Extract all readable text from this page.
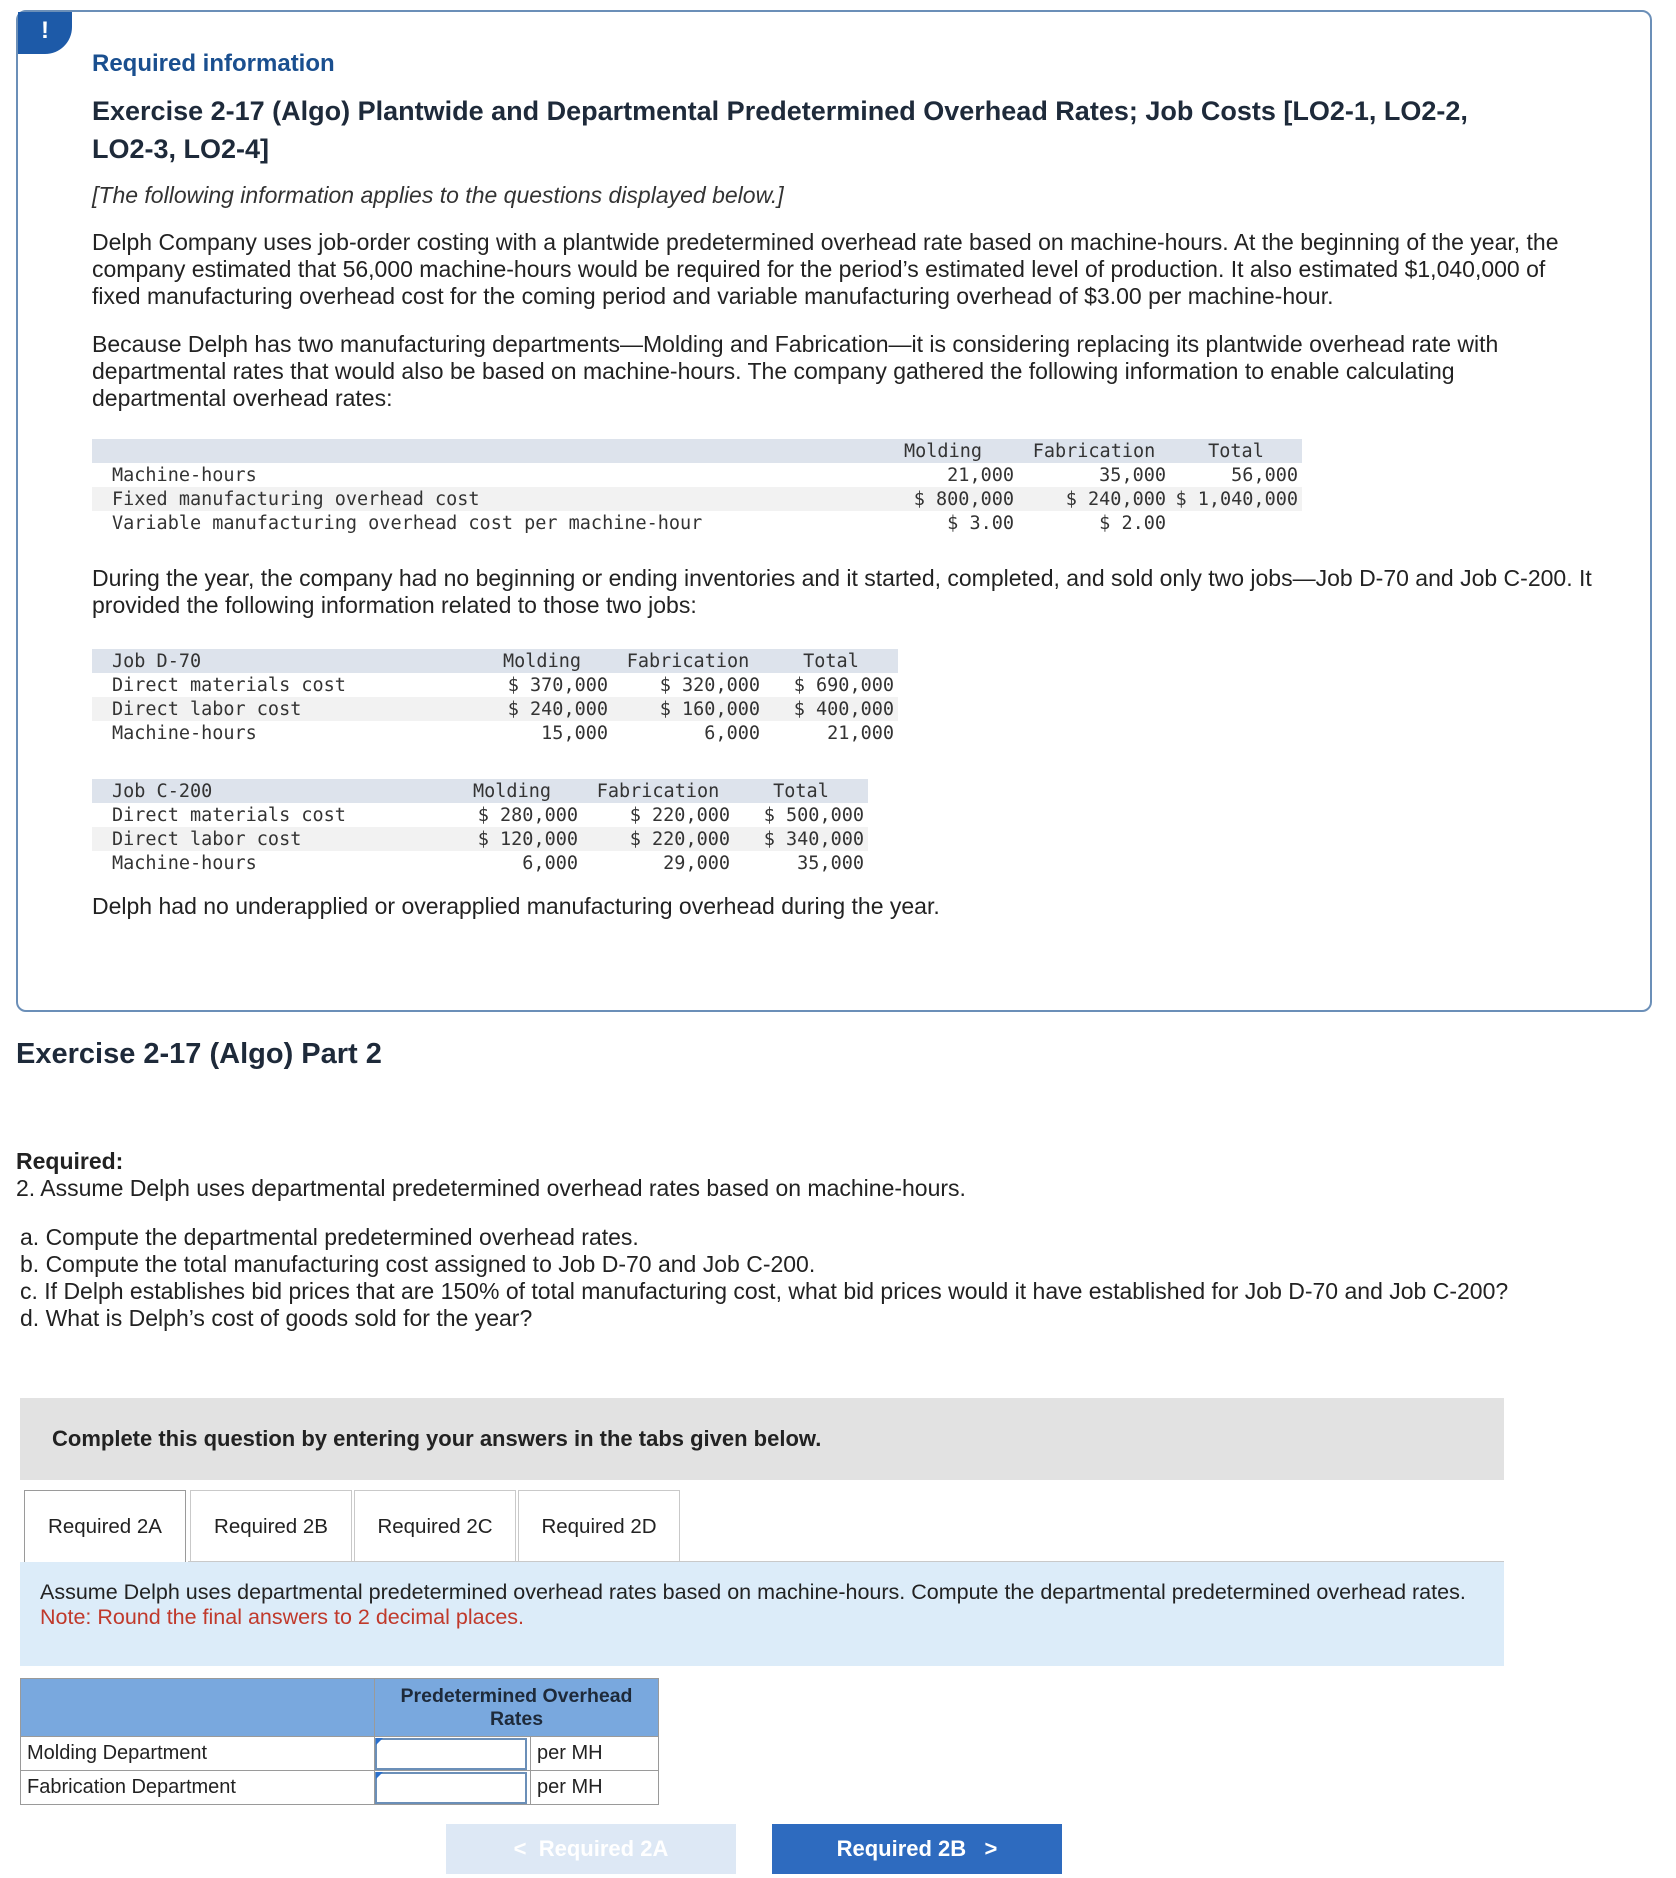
!

Required information

Exercise 2-17 (Algo) Plantwide and Departmental Predetermined Overhead Rates; Job Costs [LO2-1, LO2-2, LO2-3, LO2-4]

[The following information applies to the questions displayed below.]

Delph Company uses job-order costing with a plantwide predetermined overhead rate based on machine-hours. At the beginning of the year, the company estimated that 56,000 machine-hours would be required for the period’s estimated level of production. It also estimated $1,040,000 of fixed manufacturing overhead cost for the coming period and variable manufacturing overhead of $3.00 per machine-hour.

Because Delph has two manufacturing departments—Molding and Fabrication—it is considering replacing its plantwide overhead rate with departmental rates that would also be based on machine-hours. The company gathered the following information to enable calculating departmental overhead rates:

	Molding	Fabrication	Total
Machine-hours	21,000	35,000	56,000
Fixed manufacturing overhead cost	$ 800,000	$ 240,000	$ 1,040,000
Variable manufacturing overhead cost per machine-hour	$ 3.00	$ 2.00	

During the year, the company had no beginning or ending inventories and it started, completed, and sold only two jobs—Job D-70 and Job C-200. It provided the following information related to those two jobs:

Job D-70	Molding	Fabrication	Total
Direct materials cost	$ 370,000	$ 320,000	$ 690,000
Direct labor cost	$ 240,000	$ 160,000	$ 400,000
Machine-hours	15,000	6,000	21,000
Job C-200	Molding	Fabrication	Total
Direct materials cost	$ 280,000	$ 220,000	$ 500,000
Direct labor cost	$ 120,000	$ 220,000	$ 340,000
Machine-hours	6,000	29,000	35,000

Delph had no underapplied or overapplied manufacturing overhead during the year.

Exercise 2-17 (Algo) Part 2
Required:
2. Assume Delph uses departmental predetermined overhead rates based on machine-hours.
a. Compute the departmental predetermined overhead rates.
b. Compute the total manufacturing cost assigned to Job D-70 and Job C-200.
c. If Delph establishes bid prices that are 150% of total manufacturing cost, what bid prices would it have established for Job D-70 and Job C-200?
d. What is Delph’s cost of goods sold for the year?
Complete this question by entering your answers in the tabs given below.
Required 2A	Required 2B	Required 2C	Required 2D
Assume Delph uses departmental predetermined overhead rates based on machine-hours. Compute the departmental predetermined overhead rates.
Note: Round the final answers to 2 decimal places.
	Predetermined Overhead Rates	
Molding Department		per MH
Fabrication Department		per MH
< Required 2A	Required 2B >
